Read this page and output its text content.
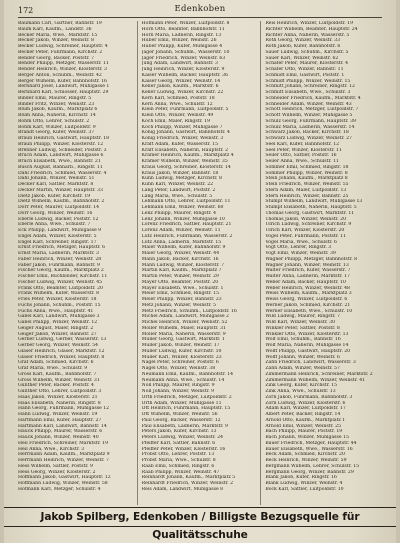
172	Edenkoben
Baumann Carl, Gärtner, Bahnstr. 19
Baum Karl, Kaufm., Landstr. 36
Becker Maria, Wwe., Marktstr. 15
Becker Jakob, Winzer, Weinstr. 8
Becker Ludwig, Schreiner, Hauptstr. 4
Becker Peter, Fuhrmann, Kirchstr. 2
Bender Georg, Bäcker, Poststr. 7
Bender Philipp, Metzger, Wasserstr. 11
Bender Heinrich, Winzer, Klosterstr. 3
Berger Anton, Schuhm., Weinstr. 42
Berger Wilhelm, Küfer, Bahnhofstr. 16
Bernhard Josef, Landwirt, Mühlgasse 1
Bernhard Karl, Schlosser, Hauptstr. 29
Binder Emil, Maurer, Ringstr. 5
Binder Fritz, Winzer, Weinstr. 23
Blum Jakob, Kaufm., Marktplatz 6
Blum Anna, Näherin, Kirchstr. 14
Böhm Otto, Lehrer, Schulstr. 2
Böhm Karl, Winzer, Luitpoldstr. 9
Brandt Georg, Küfer, Weinstr. 37
Braun Heinrich, Gastwirt, Hauptstr. 18
Braun Philipp, Winzer, Klosterstr. 12
Brenner Ludwig, Schneider, Poststr. 3
Bruch Adam, Landwirt, Mühlgasse 6
Bruch Elisabeth, Wwe., Bahnstr. 21
Busch August, Bahnarb., Ringstr. 11
Dahl Friedrich, Schmied, Wasserstr. 4
Dahl Johann, Winzer, Weinstr. 51
Decker Karl, Sattler, Marktstr. 8
Decker Martin, Winzer, Hauptstr. 33
Dietz Jakob, Küfer, Kirchstr. 19
Dietz Wilhelm, Kaufm., Bahnhofstr. 2
Dörr Peter, Maurer, Luitpoldstr. 14
Dörr Georg, Winzer, Weinstr. 16
Eberle Ludwig, Bäcker, Poststr. 12
Eberle Anna, Wwe., Schulstr. 7
Eck Philipp, Landwirt, Mühlgasse 9
Engel Adam, Winzer, Klosterstr. 5
Engel Karl, Schreiner, Ringstr. 17
Ernst Friedrich, Metzger, Hauptstr. 6
Ernst Maria, Ladnerin, Marktstr. 3
Faber Heinrich, Winzer, Weinstr. 28
Faber Jakob, Fuhrmann, Bahnstr. 9
Fischer Georg, Kaufm., Marktplatz 2
Fischer Emil, Buchbinder, Kirchstr. 11
Fischer Ludwig, Winzer, Weinstr. 45
Frank Otto, Beamter, Luitpoldstr. 20
Frank Wilhelm, Küfer, Wasserstr. 8
Fries Peter, Winzer, Klosterstr. 18
Fuchs Johann, Schuhm., Poststr. 15
Fuchs Anna, Wwe., Hauptstr. 41
Gabel Karl, Landwirt, Mühlgasse 3
Gabel Philipp, Winzer, Weinstr. 12
Geiger August, Maler, Ringstr. 2
Geiger Jakob, Winzer, Bahnstr. 27
Gerber Ludwig, Gerber, Wasserstr. 13
Gerber Georg, Winzer, Weinstr. 54
Glaser Heinrich, Glaser, Marktstr. 12
Glaser Friedrich, Winzer, Hauptstr. 8
Graf Adam, Schmied, Kirchstr. 6
Graf Maria, Wwe., Schulstr. 9
Gross Karl, Kaufm., Bahnhofstr. 7
Gross Wilhelm, Winzer, Weinstr. 31
Günther Peter, Bäcker, Poststr. 4
Günther Otto, Lehrer, Luitpoldstr. 3
Haas Jakob, Winzer, Klosterstr. 21
Haas Elisabeth, Näherin, Ringstr. 8
Hahn Georg, Fuhrmann, Mühlgasse 12
Hahn Ludwig, Winzer, Weinstr. 19
Hartmann Emil, Küfer, Hauptstr. 27
Hartmann Karl, Landwirt, Bahnstr. 14
Hauck Philipp, Maurer, Wasserstr. 6
Hauck Johann, Winzer, Weinstr. 40
Heil Friedrich, Schreiner, Marktstr. 19
Heil Anna, Wwe., Kirchstr. 3
Herrmann Adam, Kaufm., Marktplatz 9
Herrmann Heinrich, Winzer, Weinstr. 7
Hess Wilhelm, Sattler, Poststr. 9
Hess Georg, Winzer, Klosterstr. 2
Hoffmann Jakob, Gastwirt, Hauptstr. 12
Hoffmann Ludwig, Winzer, Weinstr. 58
Hofmann Karl, Metzger, Schulstr. 4
Hofmann Peter, Winzer, Luitpoldstr. 8
Horn Otto, Beamter, Bahnhofstr. 11
Horn Maria, Ladnerin, Ringstr. 13
Huber Emil, Winzer, Weinstr. 26
Huber Philipp, Küfer, Mühlgasse 4
Jäger Johann, Schuhm., Wasserstr. 10
Jäger Friedrich, Winzer, Weinstr. 63
Jung Adam, Landwirt, Bahnstr. 3
Jung Heinrich, Winzer, Klosterstr. 9
Kaiser Wilhelm, Bäcker, Hauptstr. 36
Kaiser Georg, Winzer, Weinstr. 14
Keller Jakob, Kaufm., Marktstr. 6
Keller Ludwig, Winzer, Kirchstr. 22
Kern Karl, Schmied, Poststr. 18
Kern Anna, Wwe., Schulstr. 12
Klein Peter, Fuhrmann, Luitpoldstr. 5
Klein Otto, Winzer, Weinstr. 49
Koch Emil, Maler, Ringstr. 19
Koch Philipp, Winzer, Mühlgasse 7
König Johann, Gastwirt, Bahnhofstr. 4
König Friedrich, Winzer, Weinstr. 3
Kraft Adam, Küfer, Wasserstr. 15
Kraft Elisabeth, Näherin, Hauptstr. 2
Krämer Heinrich, Kaufm., Marktplatz 4
Krämer Wilhelm, Winzer, Weinstr. 35
Kraus Georg, Schreiner, Klosterstr. 14
Kraus Jakob, Winzer, Bahnstr. 18
Kuhn Ludwig, Metzger, Kirchstr. 8
Kuhn Karl, Winzer, Weinstr. 22
Lang Peter, Landwirt, Poststr. 2
Lang Maria, Wwe., Schulstr. 5
Lehmann Otto, Lehrer, Luitpoldstr. 11
Lehmann Emil, Winzer, Weinstr. 60
Lenz Philipp, Maurer, Ringstr. 4
Lenz Johann, Winzer, Mühlgasse 10
Lorenz Friedrich, Sattler, Hauptstr. 21
Lorenz Adam, Winzer, Weinstr. 11
Lutz Heinrich, Fuhrmann, Wasserstr. 2
Lutz Anna, Ladnerin, Marktstr. 15
Maier Wilhelm, Küfer, Bahnhofstr. 9
Maier Georg, Winzer, Weinstr. 44
Mann Jakob, Bäcker, Kirchstr. 16
Mann Ludwig, Winzer, Klosterstr. 7
Martin Karl, Kaufm., Marktplatz 7
Martin Peter, Winzer, Weinstr. 29
Mayer Otto, Beamter, Poststr. 20
Mayer Elisabeth, Wwe., Schulstr. 1
Meier Emil, Schmied, Ringstr. 15
Meier Philipp, Winzer, Bahnstr. 23
Metz Johann, Winzer, Weinstr. 5
Metz Friedrich, Schuhm., Luitpoldstr. 16
Michel Adam, Landwirt, Mühlgasse 2
Michel Heinrich, Winzer, Weinstr. 52
Möller Wilhelm, Maler, Hauptstr. 31
Möller Maria, Näherin, Wasserstr. 9
Müller Georg, Gastwirt, Marktstr. 1
Müller Jakob, Winzer, Weinstr. 17
Müller Ludwig, Küfer, Kirchstr. 10
Müller Karl, Winzer, Klosterstr. 23
Nagel Peter, Schreiner, Poststr. 6
Nagel Otto, Winzer, Weinstr. 38
Neumann Emil, Kaufm., Bahnhofstr. 14
Neumann Anna, Wwe., Schulstr. 14
Noll Philipp, Maurer, Ringstr. 9
Noll Johann, Winzer, Weinstr. 9
Orth Friedrich, Metzger, Luitpoldstr. 2
Orth Adam, Winzer, Mühlgasse 11
Ott Heinrich, Fuhrmann, Hauptstr. 15
Ott Wilhelm, Winzer, Weinstr. 56
Paul Georg, Bäcker, Wasserstr. 12
Paul Elisabeth, Ladnerin, Marktstr. 9
Peters Jakob, Küfer, Kirchstr. 13
Peters Ludwig, Winzer, Weinstr. 24
Pfeiffer Karl, Sattler, Bahnstr. 6
Pfeiffer Peter, Winzer, Klosterstr. 16
Probst Otto, Lehrer, Poststr. 13
Probst Maria, Wwe., Schulstr. 8
Raab Emil, Schmied, Ringstr. 6
Raab Philipp, Winzer, Weinstr. 47
Reinhardt Johann, Kaufm., Marktplatz 5
Reinhardt Friedrich, Winzer, Weinstr. 2
Reis Adam, Landwirt, Mühlgasse 8
Reis Heinrich, Winzer, Luitpoldstr. 19
Richter Wilhelm, Beamter, Hauptstr. 24
Richter Anna, Näherin, Wasserstr. 5
Roth Georg, Winzer, Weinstr. 33
Roth Jakob, Küfer, Bahnhofstr. 6
Sauer Ludwig, Schuhm., Kirchstr. 5
Sauer Karl, Winzer, Weinstr. 62
Schäfer Peter, Maurer, Klosterstr. 4
Schäfer Otto, Winzer, Bahnstr. 11
Schmidt Emil, Gastwirt, Poststr. 1
Schmidt Philipp, Winzer, Weinstr. 15
Schmitt Johann, Schreiner, Ringstr. 12
Schmitt Elisabeth, Wwe., Schulstr. 3
Schneider Friedrich, Kaufm., Marktstr. 4
Schneider Adam, Winzer, Weinstr. 43
Schott Heinrich, Metzger, Luitpoldstr. 7
Schott Wilhelm, Winzer, Mühlgasse 5
Schulz Georg, Fuhrmann, Hauptstr. 39
Schulz Maria, Ladnerin, Wasserstr. 14
Schwarz Jakob, Bäcker, Kirchstr. 18
Schwarz Ludwig, Winzer, Weinstr. 27
Seel Karl, Küfer, Bahnhofstr. 12
Seel Peter, Winzer, Klosterstr. 11
Seiler Otto, Sattler, Poststr. 16
Seiler Anna, Wwe., Schulstr. 11
Sommer Emil, Schmied, Ringstr. 18
Sommer Philipp, Winzer, Weinstr. 8
Stein Johann, Kaufm., Marktplatz 8
Stein Friedrich, Winzer, Weinstr. 55
Stern Adam, Maler, Luitpoldstr. 13
Stern Heinrich, Winzer, Bahnstr. 25
Stumpf Wilhelm, Landwirt, Mühlgasse 13
Stumpf Elisabeth, Näherin, Hauptstr. 5
Thomas Georg, Gastwirt, Marktstr. 11
Thomas Jakob, Winzer, Weinstr. 20
Ulrich Ludwig, Schreiner, Kirchstr. 9
Ulrich Karl, Winzer, Klosterstr. 20
Vogel Peter, Fuhrmann, Poststr. 11
Vogel Maria, Wwe., Schulstr. 6
Vogt Otto, Lehrer, Ringstr. 3
Vogt Emil, Winzer, Weinstr. 39
Wagner Philipp, Metzger, Bahnhofstr. 8
Wagner Johann, Winzer, Weinstr. 13
Walter Friedrich, Küfer, Wasserstr. 7
Walter Anna, Ladnerin, Marktstr. 17
Weber Adam, Bäcker, Hauptstr. 10
Weber Heinrich, Winzer, Weinstr. 48
Weiss Wilhelm, Kaufm., Marktplatz 3
Weiss Georg, Winzer, Luitpoldstr. 6
Werner Jakob, Schmied, Kirchstr. 21
Werner Elisabeth, Wwe., Schulstr. 10
Wild Ludwig, Maurer, Ringstr. 7
Wild Karl, Winzer, Weinstr. 30
Winkler Peter, Sattler, Poststr. 8
Winkler Otto, Winzer, Klosterstr. 13
Wolf Emil, Schuhm., Bahnstr. 16
Wolf Maria, Näherin, Mühlgasse 14
Wolff Philipp, Gastwirt, Hauptstr. 20
Wolff Johann, Winzer, Weinstr. 6
Zahn Friedrich, Landwirt, Wasserstr. 3
Zahn Adam, Winzer, Weinstr. 57
Zimmermann Heinrich, Schreiner, Marktstr. 2
Zimmermann Wilhelm, Winzer, Weinstr. 41
Zink Georg, Küfer, Kirchstr. 15
Zink Anna, Wwe., Schulstr. 13
Zorn Jakob, Fuhrmann, Bahnhofstr. 3
Zorn Ludwig, Winzer, Klosterstr. 6
Adam Karl, Winzer, Luitpoldstr. 17
Albert Peter, Bäcker, Ringstr. 14
Arnold Otto, Kaufm., Marktplatz 1
Arnold Emil, Winzer, Weinstr. 25
Bach Philipp, Maurer, Poststr. 19
Bach Johann, Winzer, Mühlgasse 15
Bauer Friedrich, Metzger, Hauptstr. 44
Bauer Elisabeth, Wwe., Wasserstr. 16
Beck Adam, Schmied, Kirchstr. 20
Beck Heinrich, Winzer, Weinstr. 59
Bergmann Wilhelm, Lehrer, Schulstr. 15
Bergmann Georg, Winzer, Bahnstr. 29
Blank Jakob, Küfer, Ringstr. 16
Blank Ludwig, Winzer, Weinstr. 4
Bock Karl, Sattler, Luitpoldstr. 10
Jakob Spilberg, Edenkoben / Billigste Bezugsquelle für Qualitätsschuhe
